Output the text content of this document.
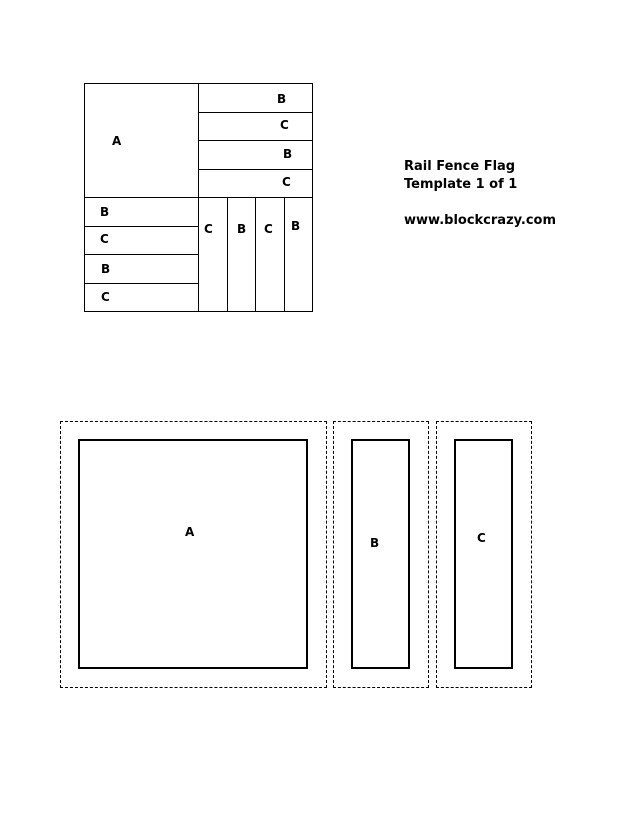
A
B
C
B
C
B
C
B
C
C B C B
Rail Fence Flag
Template 1 of 1
www.blockcrazy.com
A
B	C
